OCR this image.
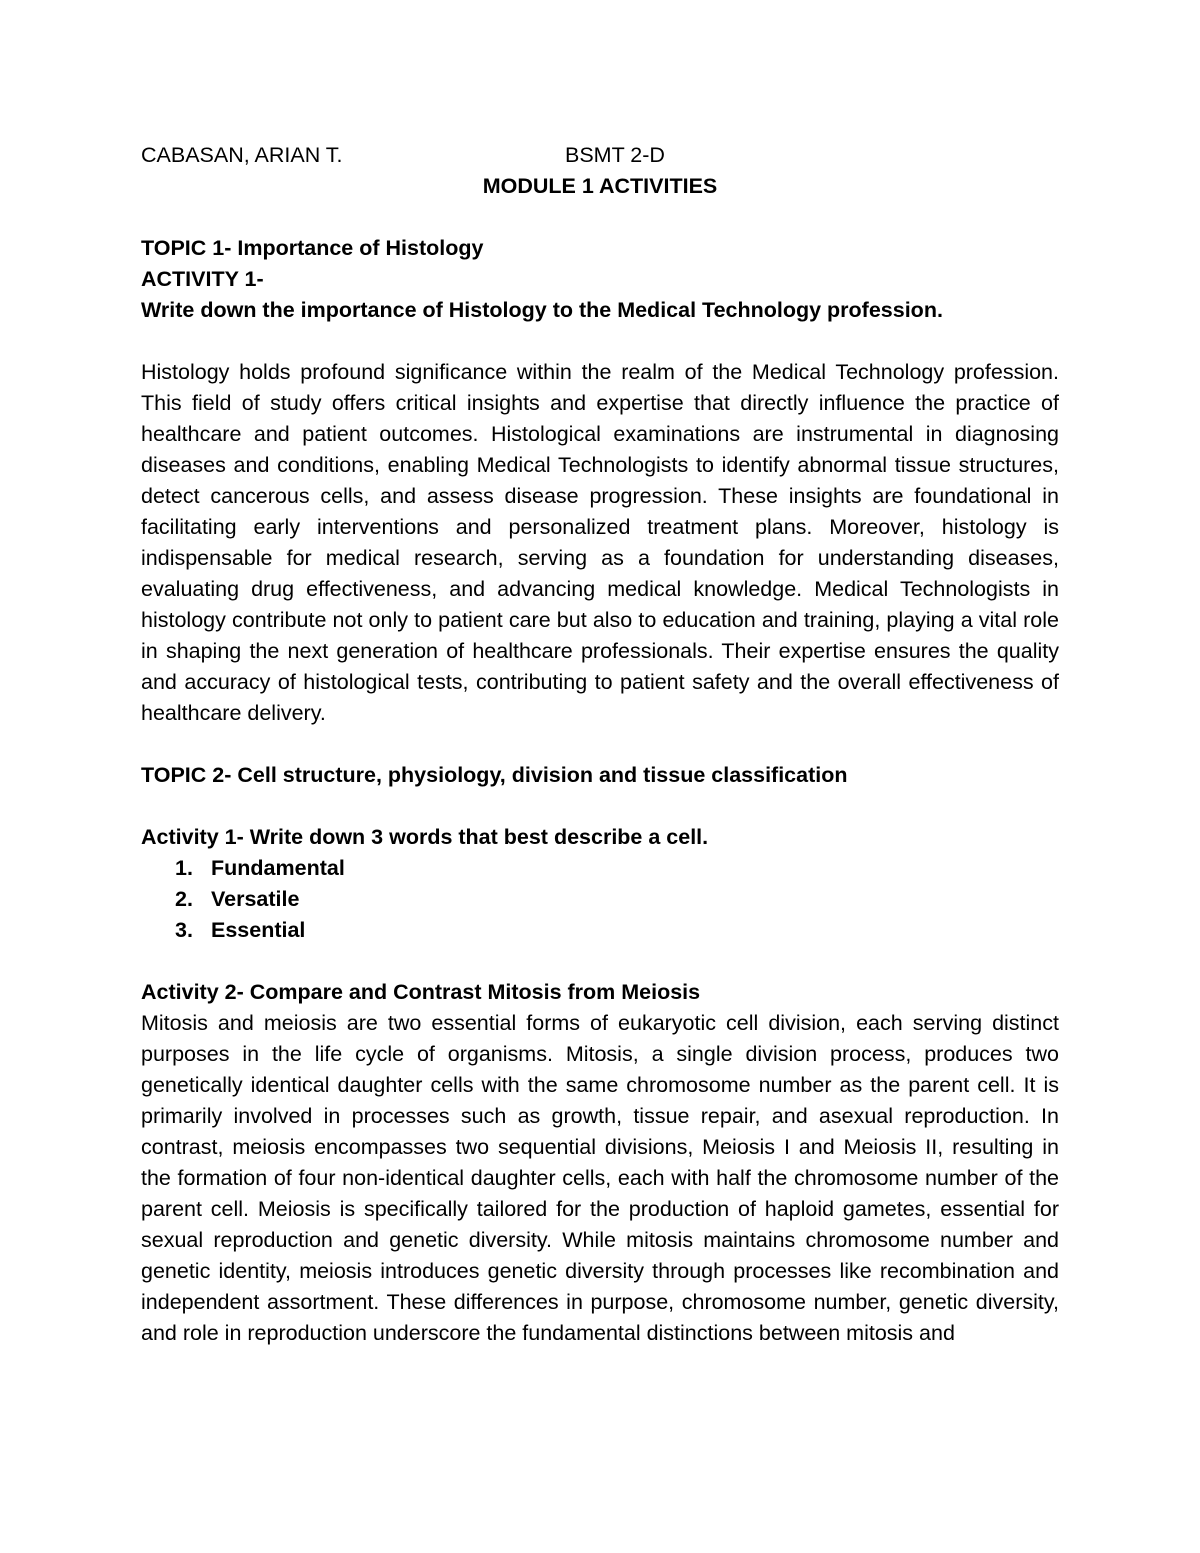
CABASAN, ARIAN T.	BSMT 2-D

MODULE 1 ACTIVITIES

TOPIC 1- Importance of Histology

ACTIVITY 1-

Write down the importance of Histology to the Medical Technology profession.

Histology holds profound significance within the realm of the Medical Technology profession. This field of study offers critical insights and expertise that directly influence the practice of healthcare and patient outcomes. Histological examinations are instrumental in diagnosing diseases and conditions, enabling Medical Technologists to identify abnormal tissue structures, detect cancerous cells, and assess disease progression. These insights are foundational in facilitating early interventions and personalized treatment plans. Moreover, histology is indispensable for medical research, serving as a foundation for understanding diseases, evaluating drug effectiveness, and advancing medical knowledge. Medical Technologists in histology contribute not only to patient care but also to education and training, playing a vital role in shaping the next generation of healthcare professionals. Their expertise ensures the quality and accuracy of histological tests, contributing to patient safety and the overall effectiveness of healthcare delivery.

TOPIC 2- Cell structure, physiology, division and tissue classification

Activity 1- Write down 3 words that best describe a cell.

1. Fundamental
2. Versatile
3. Essential

Activity 2- Compare and Contrast Mitosis from Meiosis

Mitosis and meiosis are two essential forms of eukaryotic cell division, each serving distinct purposes in the life cycle of organisms. Mitosis, a single division process, produces two genetically identical daughter cells with the same chromosome number as the parent cell. It is primarily involved in processes such as growth, tissue repair, and asexual reproduction. In contrast, meiosis encompasses two sequential divisions, Meiosis I and Meiosis II, resulting in the formation of four non-identical daughter cells, each with half the chromosome number of the parent cell. Meiosis is specifically tailored for the production of haploid gametes, essential for sexual reproduction and genetic diversity. While mitosis maintains chromosome number and genetic identity, meiosis introduces genetic diversity through processes like recombination and independent assortment. These differences in purpose, chromosome number, genetic diversity, and role in reproduction underscore the fundamental distinctions between mitosis and
